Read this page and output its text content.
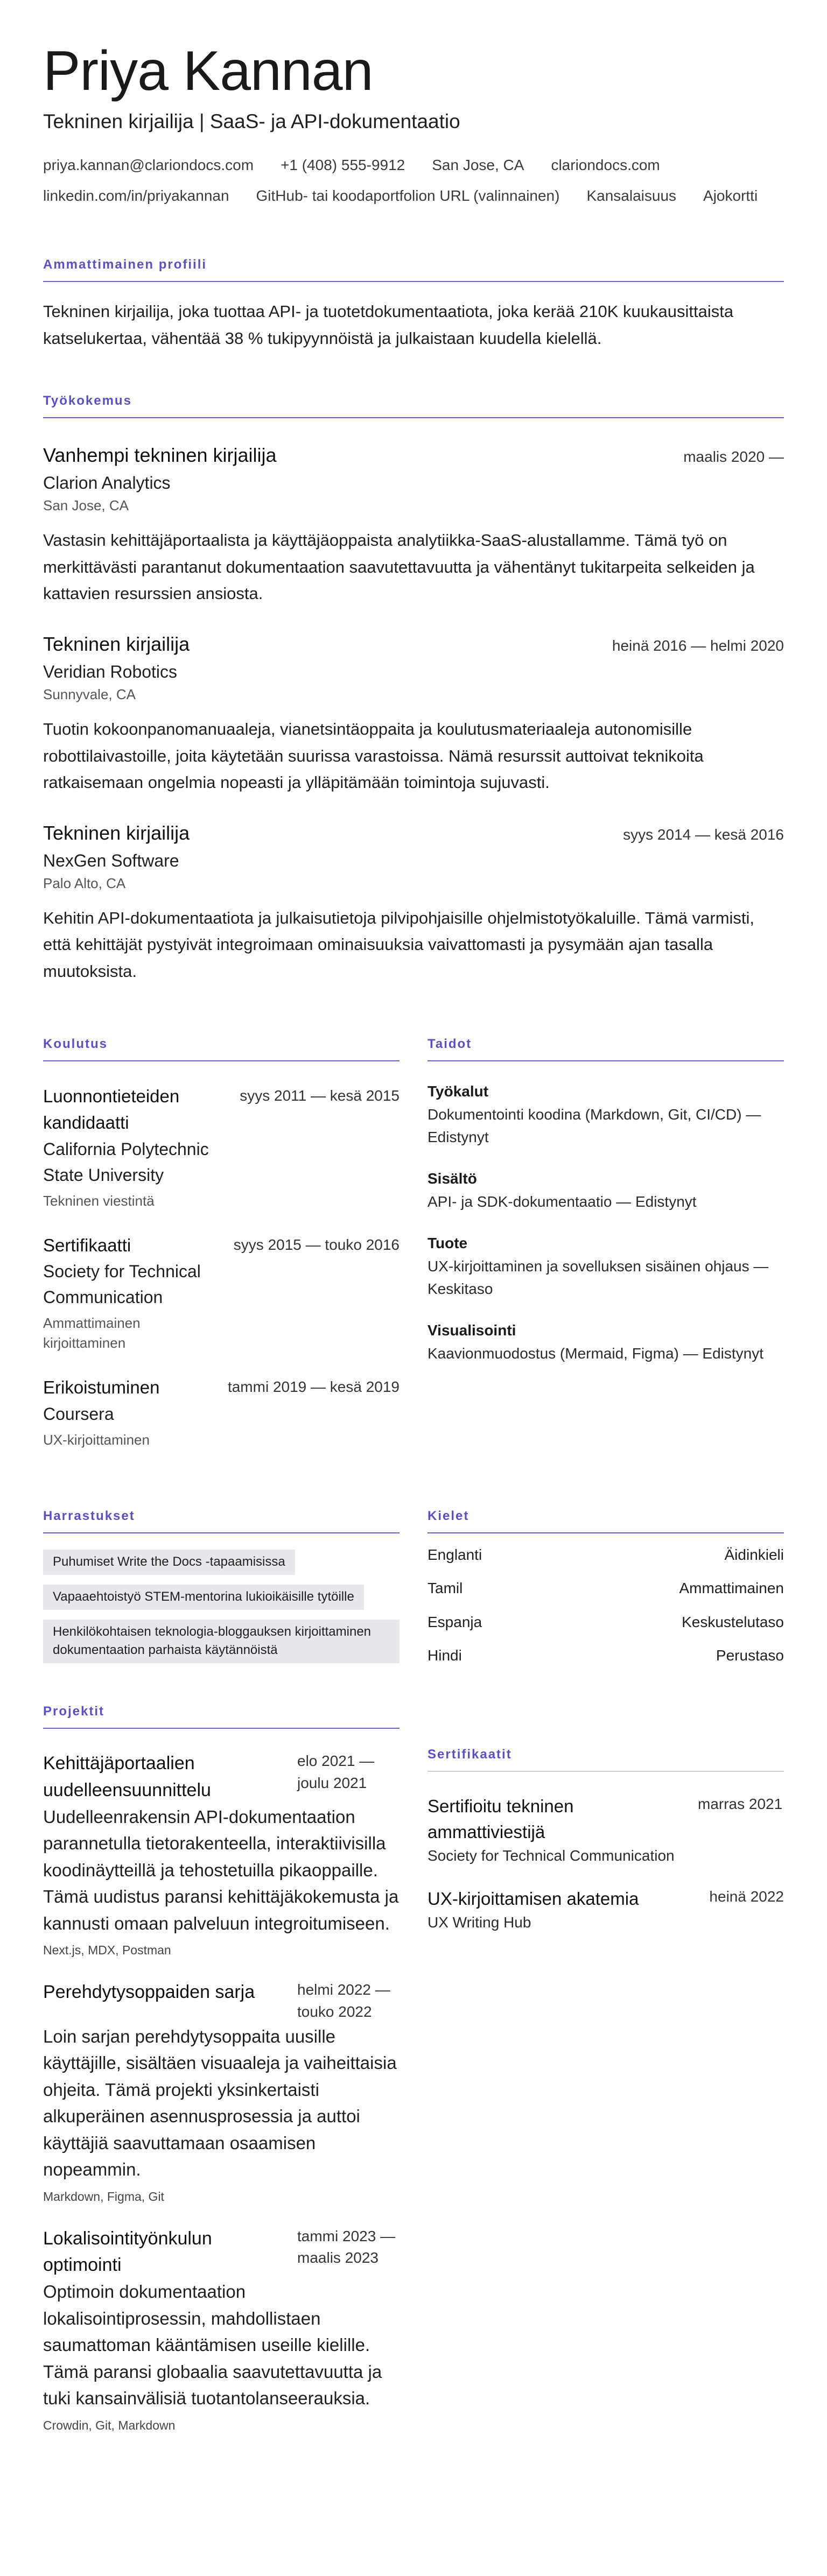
Priya Kannan
Tekninen kirjailija | SaaS- ja API-dokumentaatio
priya.kannan@clariondocs.com +1 (408) 555-9912 San Jose, CA clariondocs.com
linkedin.com/in/priyakannan GitHub- tai koodaportfolion URL (valinnainen) Kansalaisuus Ajokortti
Ammattimainen profiili

Tekninen kirjailija, joka tuottaa API- ja tuotetdokumentaatiota, joka kerää 210K kuukausittaista katselukertaa, vähentää 38 % tukipyynnöistä ja julkaistaan kuudella kielellä.

Työkokemus
Vanhempi tekninen kirjailija	maalis 2020 —
Clarion Analytics
San Jose, CA

Vastasin kehittäjäportaalista ja käyttäjäoppaista analytiikka-SaaS-alustallamme. Tämä työ on merkittävästi parantanut dokumentaation saavutettavuutta ja vähentänyt tukitarpeita selkeiden ja kattavien resurssien ansiosta.

Tekninen kirjailija	heinä 2016 — helmi 2020
Veridian Robotics
Sunnyvale, CA

Tuotin kokoonpanomanuaaleja, vianetsintäoppaita ja koulutusmateriaaleja autonomisille robottilaivastoille, joita käytetään suurissa varastoissa. Nämä resurssit auttoivat teknikoita ratkaisemaan ongelmia nopeasti ja ylläpitämään toimintoja sujuvasti.

Tekninen kirjailija	syys 2014 — kesä 2016
NexGen Software
Palo Alto, CA

Kehitin API-dokumentaatiota ja julkaisutietoja pilvipohjaisille ohjelmistotyökaluille. Tämä varmisti, että kehittäjät pystyivät integroimaan ominaisuuksia vaivattomasti ja pysymään ajan tasalla muutoksista.

Koulutus
Luonnontieteiden kandidaatti
California Polytechnic State University
Tekninen viestintä
syys 2011 — kesä 2015
Sertifikaatti
Society for Technical Communication
Ammattimainen kirjoittaminen
syys 2015 — touko 2016
Erikoistuminen
Coursera
UX-kirjoittaminen
tammi 2019 — kesä 2019
Taidot
Työkalut
Dokumentointi koodina (Markdown, Git, CI/CD) — Edistynyt
Sisältö
API- ja SDK-dokumentaatio — Edistynyt
Tuote
UX-kirjoittaminen ja sovelluksen sisäinen ohjaus — Keskitaso
Visualisointi
Kaavionmuodostus (Mermaid, Figma) — Edistynyt
Harrastukset
Puhumiset Write the Docs -tapaamisissa
Vapaaehtoistyö STEM-mentorina lukioikäisille tytöille
Henkilökohtaisen teknologia-bloggauksen kirjoittaminen dokumentaation parhaista käytännöistä
Kielet
Englanti	Äidinkieli
Tamil	Ammattimainen
Espanja	Keskustelutaso
Hindi	Perustaso
Projektit
Kehittäjäportaalien uudelleensuunnittelu
elo 2021 — joulu 2021

Uudelleenrakensin API-dokumentaation parannetulla tietorakenteella, interaktiivisilla koodinäytteillä ja tehostetuilla pikaoppaille. Tämä uudistus paransi kehittäjäkokemusta ja kannusti omaan palveluun integroitumiseen.

Next.js, MDX, Postman
Perehdytysoppaiden sarja	helmi 2022 — touko 2022

Loin sarjan perehdytysoppaita uusille käyttäjille, sisältäen visuaaleja ja vaiheittaisia ohjeita. Tämä projekti yksinkertaisti alkuperäinen asennusprosessia ja auttoi käyttäjiä saavuttamaan osaamisen nopeammin.

Markdown, Figma, Git
Lokalisointityönkulun optimointi
tammi 2023 — maalis 2023

Optimoin dokumentaation lokalisointiprosessin, mahdollistaen saumattoman kääntämisen useille kielille. Tämä paransi globaalia saavutettavuutta ja tuki kansainvälisiä tuotantolanseerauksia.

Crowdin, Git, Markdown
Sertifikaatit
Sertifioitu tekninen ammattiviestijä
marras 2021
Society for Technical Communication
UX-kirjoittamisen akatemia	heinä 2022
UX Writing Hub
